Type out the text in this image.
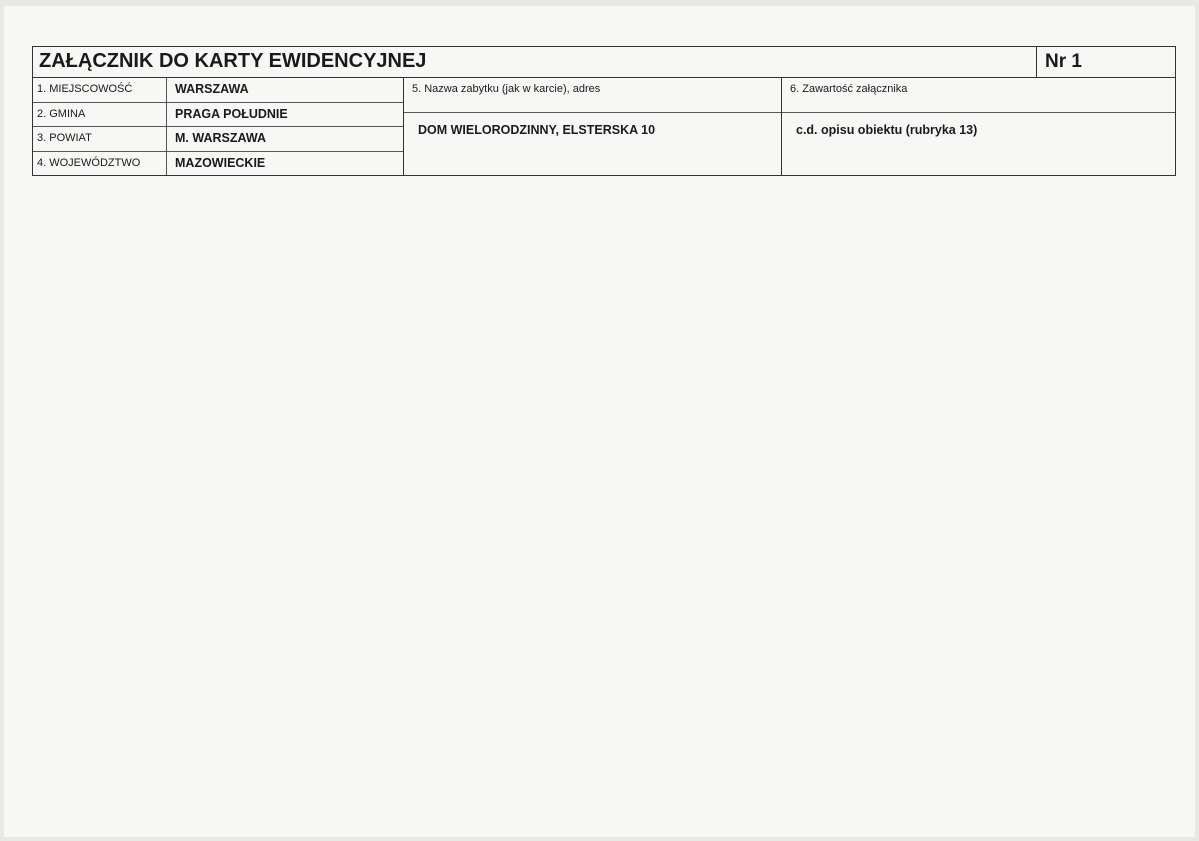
ZAŁĄCZNIK DO KARTY EWIDENCYJNEJ	Nr 1
1. MIEJSCOWOŚĆ	WARSZAWA
2. GMINA	PRAGA POŁUDNIE
3. POWIAT	M. WARSZAWA
4. WOJEWÓDZTWO	MAZOWIECKIE
5. Nazwa zabytku (jak w karcie), adres
DOM WIELORODZINNY, ELSTERSKA 10
6. Zawartość załącznika
c.d. opisu obiektu (rubryka 13)
